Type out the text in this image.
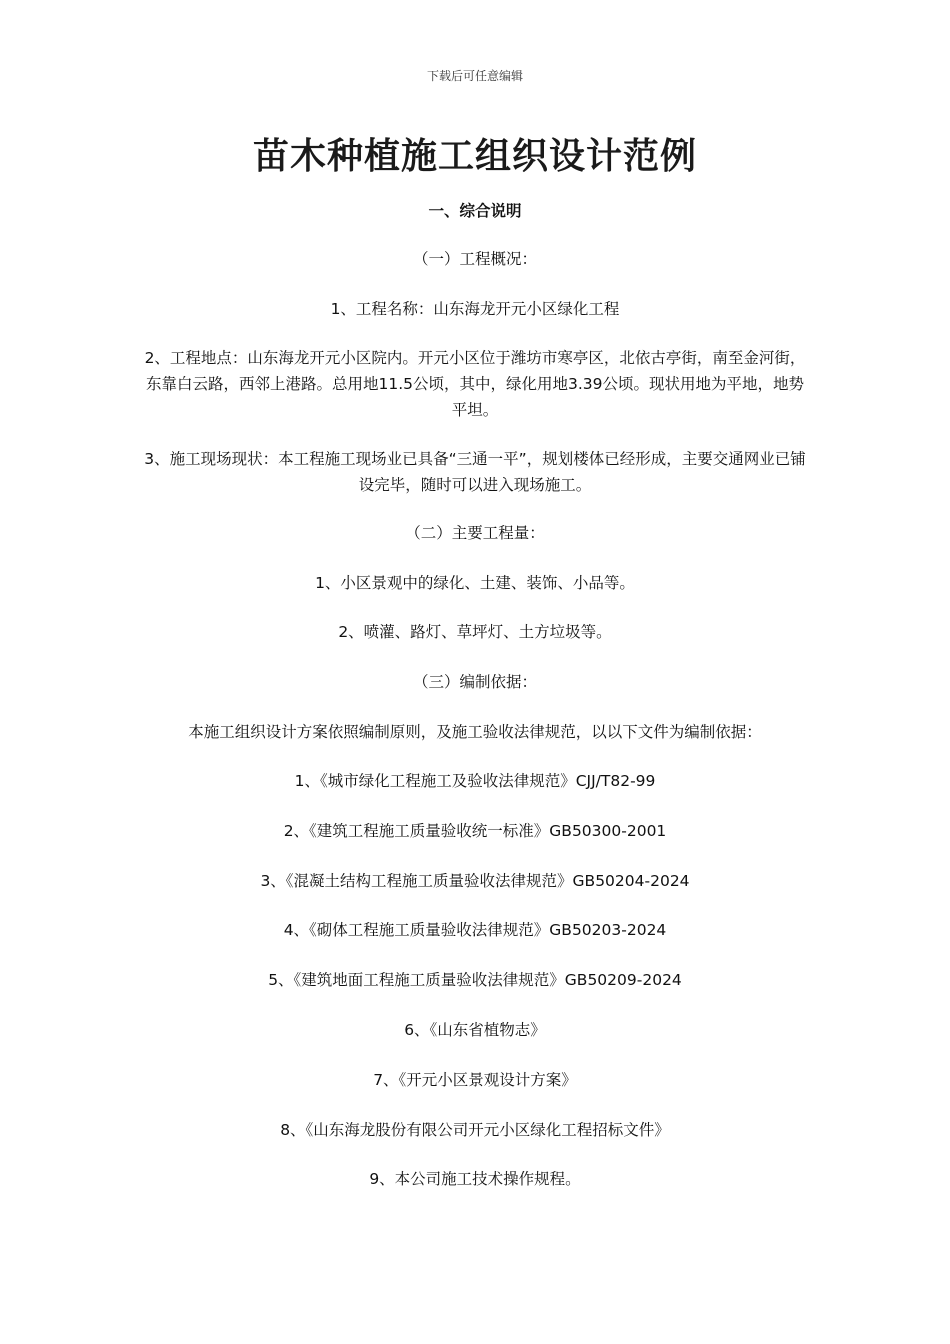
下载后可任意编辑
苗木种植施工组织设计范例
一、综合说明
（一）工程概况：
1、工程名称：山东海龙开元小区绿化工程
2、工程地点：山东海龙开元小区院内。开元小区位于潍坊市寒亭区，北依古亭街，南至金河街，东靠白云路，西邻上港路。总用地11.5公顷，其中，绿化用地3.39公顷。现状用地为平地，地势平坦。
3、施工现场现状：本工程施工现场业已具备“三通一平”，规划楼体已经形成，主要交通网业已铺设完毕，随时可以进入现场施工。
（二）主要工程量：
1、小区景观中的绿化、土建、装饰、小品等。
2、喷灌、路灯、草坪灯、土方垃圾等。
（三）编制依据：
本施工组织设计方案依照编制原则，及施工验收法律规范，以以下文件为编制依据：
1、《城市绿化工程施工及验收法律规范》CJJ/T82-99
2、《建筑工程施工质量验收统一标准》GB50300-2001
3、《混凝土结构工程施工质量验收法律规范》GB50204-2024
4、《砌体工程施工质量验收法律规范》GB50203-2024
5、《建筑地面工程施工质量验收法律规范》GB50209-2024
6、《山东省植物志》
7、《开元小区景观设计方案》
8、《山东海龙股份有限公司开元小区绿化工程招标文件》
9、本公司施工技术操作规程。
